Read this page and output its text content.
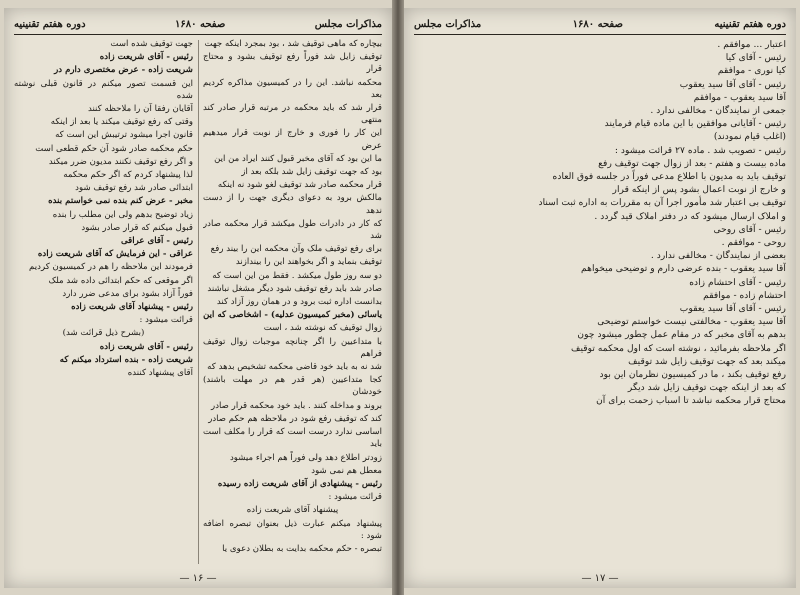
مذاکرات مجلس
صفحه ۱۶۸۰
دوره هفتم تقنينيه

بیچاره که ماهی توقیف شد ، بود بمجرد اینکه جهت

توقیف زایل شد فوراً رفع توقیف بشود و محتاج قرار

محکمه نباشد. این را در کمیسیون مذاکره کردیم بعد

قرار شد که باید محکمه در مرتبه قرار صادر کند منتهی

این کار را فوری و خارج از نوبت قرار میدهیم عرض

ما این بود که آقای مخبر قبول کنند ایراد من این

بود که جهت توقیف زایل شد بلکه بعد از

قرار محکمه صادر شد توقیف لغو شود نه اینکه

مالکش برود به دعوای دیگری جهت را از دست ندهد

که کار در دادرات طول میکشد قرار محکمه صادر شد

برای رفع توقیف ملک وآن محکمه این را بیند رفع

توقیف بنماید و اگر بخواهند این را بیندازند

دو سه روز طول میکشد . فقط من این است که

صادر شد باید رفع توقیف شود دیگر مشغل نباشند

بدانست اداره ثبت برود و در همان روز آزاد کند

یاسائی (مخبر کمیسیون عدلیه) - اشخاصی که این

زوال توقیف که نوشته شد ، است

با متداعیین را اگر چنانچه موجبات زوال توقیف فراهم

شد نه به باید خود قاضی محکمه تشخیص بدهد که

کجا متداعیین (هر قدر هم در مهلت باشند) خودشان

بروند و مداخله کنند . باید خود محکمه قرار صادر

کند که توقیف رفع شود در ملاحظه هم حکم صادر

اساسی ندارد درست است که قرار را مکلف است باید

زودتر اطلاع دهد ولی فوراً هم اجراء میشود

معطل هم نمی شود

رئیس - پیشنهادی از آقای شریعت زاده رسیده

قرائت میشود :

پیشنهاد آقای شریعت زاده

پیشنهاد میکنم عبارت ذیل بعنوان تبصره اضافه شود :

تبصره - حکم محکمه بدایت به بطلان دعوی یا

جهت توقیف شده است

رئیس - آقای شریعت زاده

شریعت زاده - عرض مختصری دارم در

این قسمت تصور میکنم در قانون قبلی نوشته شده

آقایان رفقا آن را ملاحظه کنند

وقتی که رفع توقیف میکند یا بعد از اینکه

قانون اجرا میشود ترتیبش این است که

حکم محکمه صادر شود آن حکم قطعی است

و اگر رفع توقیف نکنند مدیون ضرر میکند

لذا پیشنهاد کردم که اگر حکم محکمه

ابتدائی صادر شد رفع توقیف شود

مخبر - عرض کنم بنده نمی خواستم بنده

زیاد توضیح بدهم ولی این مطلب را بنده

قبول میکنم که قرار صادر بشود

رئیس - آقای عراقی

عراقی - این فرمایش که آقای شریعت زاده

فرمودند این ملاحظه را هم در کمیسیون کردیم

اگر موقعی که حکم ابتدائی داده شد ملک

فوراً آزاد بشود برای مدعی ضرر دارد

رئیس - پیشنهاد آقای شریعت زاده

قرائت میشود :

(بشرح ذیل قرائت شد)

رئیس - آقای شریعت زاده

شریعت زاده - بنده استرداد میکنم که

آقای پیشنهاد کننده

— ۱۶ —
دوره هفتم تقنینیه
صفحه ۱۶۸۰
مذاکرات مجلس

اعتبار ... موافقم .

رئیس - آقای کیا

کیا نوری - موافقم

رئیس - آقای آقا سید یعقوب

آقا سید یعقوب - موافقم

جمعی از نمایندگان - مخالفی ندارد .

رئیس - آقایانی موافقین با این ماده قیام فرمایند

(اغلب قیام نمودند)

رئیس - تصویب شد . ماده ۲۷ قرائت میشود :

ماده بیست و هفتم - بعد از زوال جهت توقیف رفع

توقیف باید به مدیون با اطلاع مدعی فوراً در جلسه فوق العاده

و خارج از نوبت اعمال بشود پس از اینکه قرار

توقیف بی اعتبار شد مأمور اجرا آن به مقررات به اداره ثبت اسناد

و املاک ارسال میشود که در دفتر املاک قید گردد .

رئیس - آقای روحی

روحی - موافقم .

بعضی از نمایندگان - مخالفی ندارد .

آقا سید یعقوب - بنده عرضی دارم و توضیحی میخواهم

رئیس - آقای احتشام زاده

احتشام زاده - موافقم

رئیس - آقای آقا سید یعقوب

آقا سید یعقوب - مخالفتی نیست خواستم توضیحی

بدهم به آقای مخبر که در مقام عمل چطور میشود چون

اگر ملاحظه بفرمائید ، نوشته است که اول محکمه توقیف

میکند بعد که جهت توقیف زایل شد توقیف

رفع توقیف بکند ، ما در کمیسیون نظرمان این بود

که بعد از اینکه جهت توقیف زایل شد دیگر

محتاج قرار محکمه نباشد تا اسباب زحمت برای آن

— ۱۷ —
